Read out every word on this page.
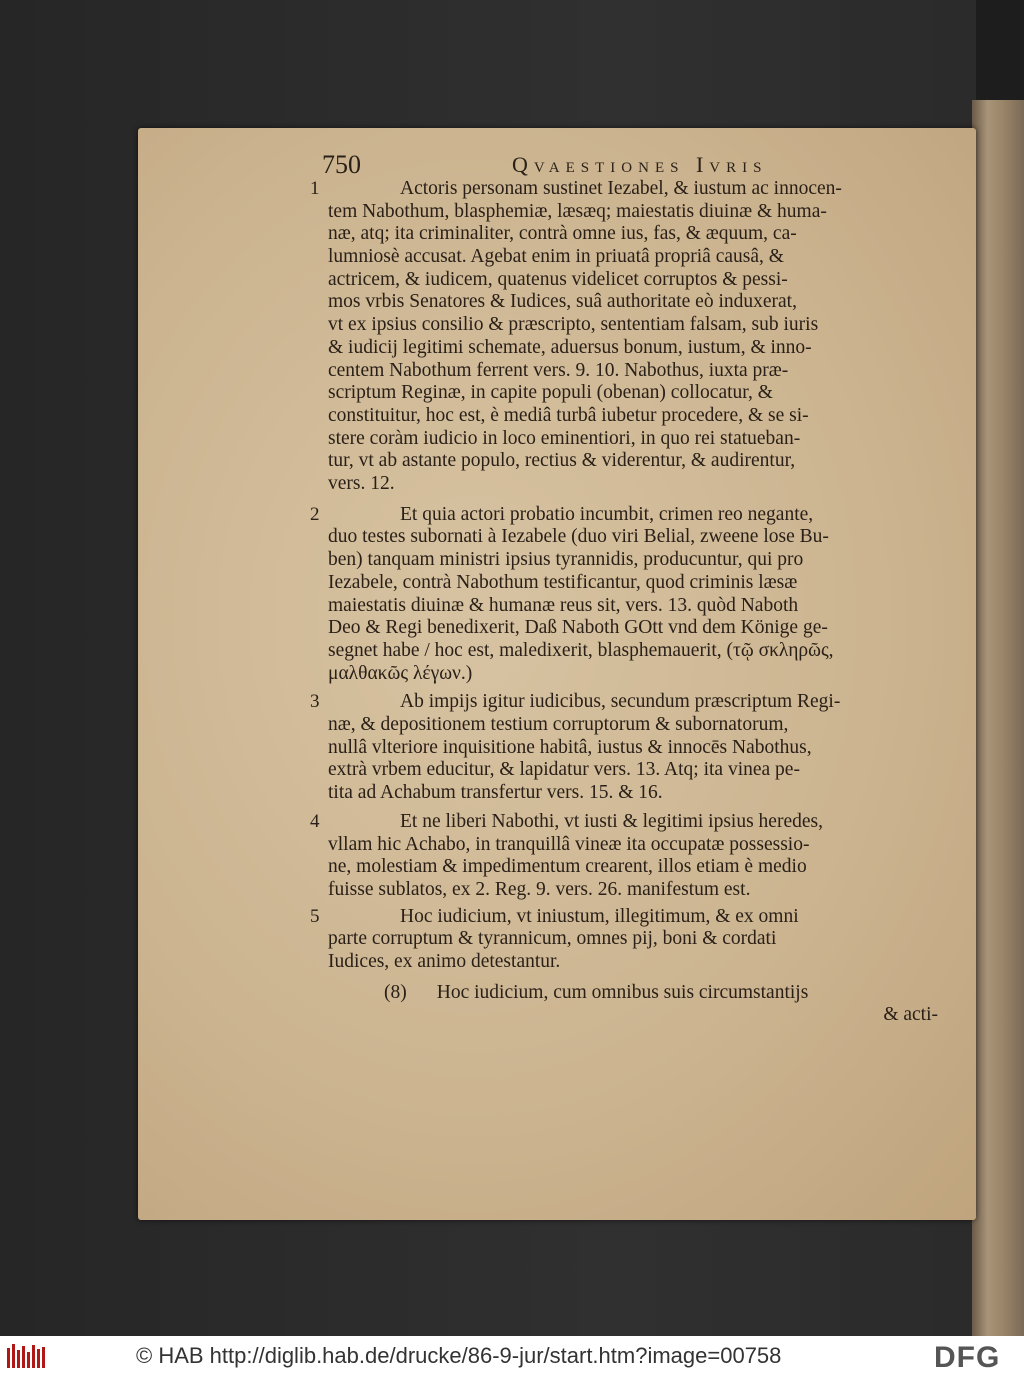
750	Qvaestiones Ivris
1	Actoris personam sustinet Iezabel, & iustum ac innocen-
tem Nabothum, blasphemiæ, læsæq; maiestatis diuinæ & huma-
næ, atq; ita criminaliter, contrà omne ius, fas, & æquum, ca-
lumniosè accusat. Agebat enim in priuatâ propriâ causâ, &
actricem, & iudicem, quatenus videlicet corruptos & pessi-
mos vrbis Senatores & Iudices, suâ authoritate eò induxerat,
vt ex ipsius consilio & præscripto, sententiam falsam, sub iuris
& iudicij legitimi schemate, aduersus bonum, iustum, & inno-
centem Nabothum ferrent vers. 9. 10. Nabothus, iuxta præ-
scriptum Reginæ, in capite populi (obenan) collocatur, &
constituitur, hoc est, è mediâ turbâ iubetur procedere, & se si-
stere coràm iudicio in loco eminentiori, in quo rei statueban-
tur, vt ab astante populo, rectius & viderentur, & audirentur,
vers. 12.
2	Et quia actori probatio incumbit, crimen reo negante,
duo testes subornati à Iezabele (duo viri Belial, zweene lose Bu-
ben) tanquam ministri ipsius tyrannidis, producuntur, qui pro
Iezabele, contrà Nabothum testificantur, quod criminis læsæ
maiestatis diuinæ & humanæ reus sit, vers. 13. quòd Naboth
Deo & Regi benedixerit, Daß Naboth GOtt vnd dem Könige ge-
segnet habe / hoc est, maledixerit, blasphemauerit, (τῷ σκληρῶς,
μαλθακῶς λέγων.)
3	Ab impijs igitur iudicibus, secundum præscriptum Regi-
næ, & depositionem testium corruptorum & subornatorum,
nullâ vlteriore inquisitione habitâ, iustus & innocēs Nabothus,
extrà vrbem educitur, & lapidatur vers. 13. Atq; ita vinea pe-
tita ad Achabum transfertur vers. 15. & 16.
4	Et ne liberi Nabothi, vt iusti & legitimi ipsius heredes,
vllam hic Achabo, in tranquillâ vineæ ita occupatæ possessio-
ne, molestiam & impedimentum crearent, illos etiam è medio
fuisse sublatos, ex 2. Reg. 9. vers. 26. manifestum est.
5	Hoc iudicium, vt iniustum, illegitimum, & ex omni
parte corruptum & tyrannicum, omnes pij, boni & cordati
Iudices, ex animo detestantur.
(8) Hoc iudicium, cum omnibus suis circumstantijs
& acti-
© HAB http://diglib.hab.de/drucke/86-9-jur/start.htm?image=00758	DFG
